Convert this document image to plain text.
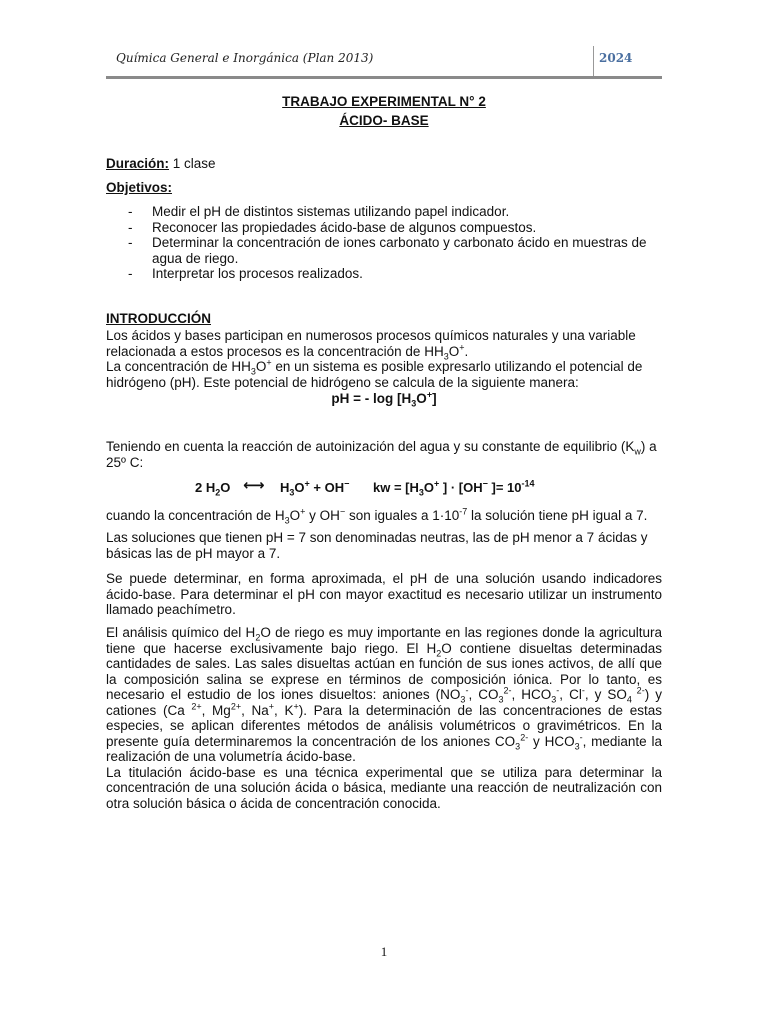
Química General e Inorgánica (Plan 2013)	2024
TRABAJO EXPERIMENTAL N° 2
ÁCIDO- BASE
Duración: 1 clase
Objetivos:
- Medir el pH de distintos sistemas utilizando papel indicador.
- Reconocer las propiedades ácido-base de algunos compuestos.
- Determinar la concentración de iones carbonato y carbonato ácido en muestras de agua de riego.
- Interpretar los procesos realizados.
INTRODUCCIÓN

Los ácidos y bases participan en numerosos procesos químicos naturales y una variable relacionada a estos procesos es la concentración de $HH_3O^+$.
La concentración de $HH_3O^+$ en un sistema es posible expresarlo utilizando el potencial de hidrógeno (pH). Este potencial de hidrógeno se calcula de la siguiente manera:

pH = - $\log [H_3O^+]$

Teniendo en cuenta la reacción de autoinización del agua y su constante de equilibrio $(K_w)$ a 25º C:

2 $H_2O$ ⟷ $H_3O^+ + OH^-$ kw = [$H_3O^+$ ] · [OH− ]= $10^{-14}$

cuando la concentración de $H_3O^+$ y OH− son iguales a $1\cdot 10^{-7}$ la solución tiene pH igual a 7.

Las soluciones que tienen pH = 7 son denominadas neutras, las de pH menor a 7 ácidas y básicas las de pH mayor a 7.

Se puede determinar, en forma aproximada, el pH de una solución usando indicadores ácido-base. Para determinar el pH con mayor exactitud es necesario utilizar un instrumento llamado peachímetro.

El análisis químico del $H_2O$ de riego es muy importante en las regiones donde la agricultura tiene que hacerse exclusivamente bajo riego. El $H_2O$ contiene disueltas determinadas cantidades de sales. Las sales disueltas actúan en función de sus iones activos, de allí que la composición salina se exprese en términos de composición iónica. Por lo tanto, es necesario el estudio de los iones disueltos: aniones ($NO_3^-$, $CO_3^{2-}$, $HCO_3^-$, Cl-, y $SO_4$ $^{2-}$) y cationes (Ca $^{2+}$, $Mg^{2+}$, Na+, K+). Para la determinación de las concentraciones de estas especies, se aplican diferentes métodos de análisis volumétricos o gravimétricos. En la presente guía determinaremos la concentración de los aniones $CO_3^{2-}$ y $HCO_3^-$, mediante la realización de una volumetría ácido-base.
La titulación ácido-base es una técnica experimental que se utiliza para determinar la concentración de una solución ácida o básica, mediante una reacción de neutralización con otra solución básica o ácida de concentración conocida.

1
